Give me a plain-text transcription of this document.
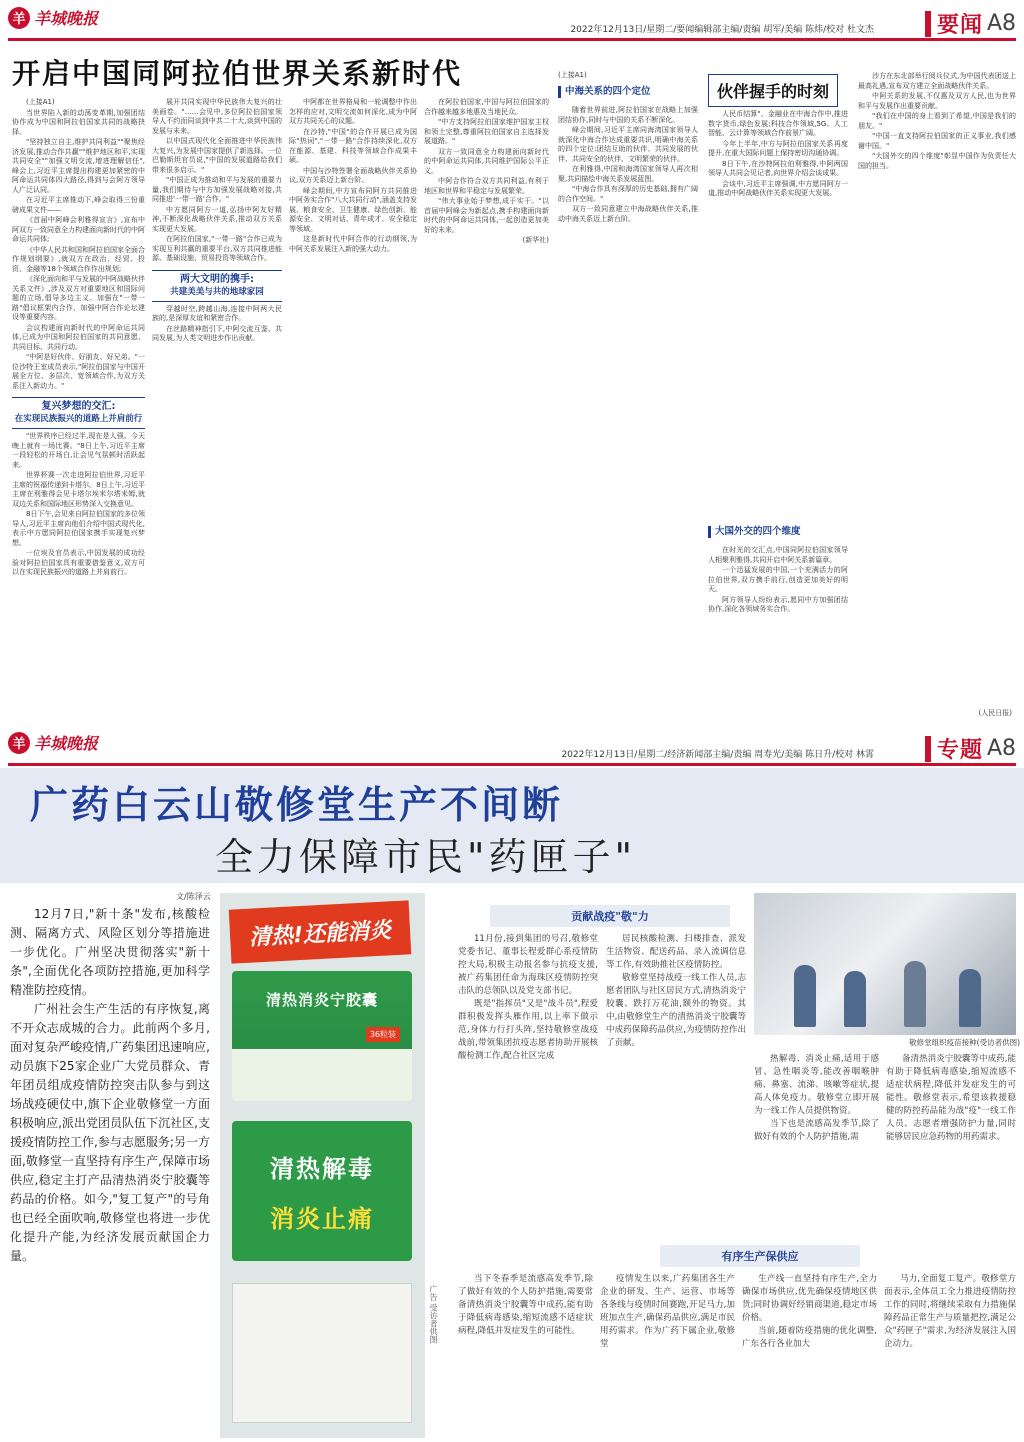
羊 羊城晚报
2022年12月13日/星期二/要闻编辑部主编/责编 胡军/美编 陈炜/校对 杜文杰	要闻 A8
开启中国同阿拉伯世界关系新时代

(上接A1)

当世界陷入新的动荡变革期,加强团结协作成为中国和阿拉伯国家共同的战略抉择。

"坚持独立自主,维护共同利益""聚焦经济发展,推动合作共赢""维护地区和平,实现共同安全""加强文明交流,增进理解信任",峰会上,习近平主席提出构建更加紧密的中阿命运共同体四大路径,得到与会阿方领导人广泛认同。

在习近平主席推动下,峰会取得三份重磅成果文件——

《首届中阿峰会利雅得宣言》,宣布中阿双方一致同意全力构建面向新时代的中阿命运共同体;

《中华人民共和国和阿拉伯国家全面合作规划纲要》,就双方在政治、经贸、投资、金融等18个领域合作作出规划;

《深化面向和平与发展的中阿战略伙伴关系文件》,涉及双方对重要地区和国际问题的立场,倡导多边主义、加强在"一带一路"倡议框架内合作、加强中阿合作论坛建设等重要内容。

会议构建面向新时代的中阿命运共同体,已成为中国和阿拉伯国家的共同意愿、共同目标、共同行动。

"中阿是好伙伴、好朋友、好兄弟。"一位沙特王室成员表示,"阿拉伯国家与中国开展全方位、多层次、宽领域合作,为双方关系注入新动力。"

复兴梦想的交汇:
在实现民族振兴的道路上并肩前行

"世界秩序已经过半,现在是人强。今天晚上就有一场比赛。"8日上午,习近平主席一段轻松的开场白,让会见气氛顿时活跃起来。

世界杯赛一次走进阿拉伯世界,习近平主席的祝福传递到卡塔尔。8日上午,习近平主席在利雅得会见卡塔尔埃米尔塔米姆,就双边关系和国际地区形势深入交换意见。

8日下午,会见来自阿拉伯国家的多位领导人,习近平主席向他们介绍中国式现代化,表示中方愿同阿拉伯国家携手实现复兴梦想。

一位埃及官员表示,中国发展的成功经验对阿拉伯国家具有重要借鉴意义,双方可以在实现民族振兴的道路上并肩前行。

展开共同实现中华民族伟大复兴的壮美画卷。"……会见中,多位阿拉伯国家领导人不约而同谈到中共二十大,谈到中国的发展与未来。

以中国式现代化全面推进中华民族伟大复兴,为发展中国家提供了新选择。一位巴勒斯坦官员说,"中国的发展道路给我们带来很多启示。"

"中国正成为推动和平与发展的重要力量,我们期待与中方加强发展战略对接,共同推进'一带一路'合作。"

中方愿同阿方一道,弘扬中阿友好精神,不断深化战略伙伴关系,推动双方关系实现更大发展。

在阿拉伯国家,"一带一路"合作已成为实现互利共赢的重要平台,双方共同推进能源、基础设施、贸易投资等领域合作。

两大文明的携手:
共建美美与共的地球家园

穿越时空,跨越山海,连接中阿两大民族的,是深厚友谊和紧密合作。

在丝路精神指引下,中阿交流互鉴、共同发展,为人类文明进步作出贡献。

中阿都在世界格局和一轮调整中作出怎样的应对,文明交流如何深化,成为中阿双方共同关心的议题。

在沙特,"中国"的合作开展已成为国际"热词","一带一路"合作持续深化,双方在能源、基建、科技等领域合作成果丰硕。

中国与沙特签署全面战略伙伴关系协议,双方关系迈上新台阶。

峰会期间,中方宣布同阿方共同推进中阿务实合作"八大共同行动",涵盖支持发展、粮食安全、卫生健康、绿色创新、能源安全、文明对话、青年成才、安全稳定等领域。

这是新时代中阿合作的行动纲领,为中阿关系发展注入新的强大动力。

在阿拉伯国家,中国与阿拉伯国家的合作越来越多地惠及当地民众。

"中方支持阿拉伯国家维护国家主权和领土完整,尊重阿拉伯国家自主选择发展道路。"

双方一致同意全力构建面向新时代的中阿命运共同体,共同维护国际公平正义。

中阿合作符合双方共同利益,有利于地区和世界和平稳定与发展繁荣。

"伟大事业始于梦想,成于实干。"以首届中阿峰会为新起点,携手构建面向新时代的中阿命运共同体,一起创造更加美好的未来。

(新华社)
(上接A1)
中海关系的四个定位	伙伴握手的时刻

随着世界前进,阿拉伯国家在战略上加强团结协作,同时与中国的关系不断深化。

峰会期间,习近平主席同海湾国家领导人就深化中海合作达成重要共识,明确中海关系的四个定位:团结互助的伙伴、共同发展的伙伴、共同安全的伙伴、文明繁荣的伙伴。

在利雅得,中国和海湾国家领导人再次相聚,共同描绘中海关系发展蓝图。

"中海合作具有深厚的历史基础,拥有广阔的合作空间。"

双方一致同意建立中海战略伙伴关系,推动中海关系迈上新台阶。

人民币结算"、金融业在中海合作中,推进数字货币,绿色发展;科技合作领域,5G、人工智能、云计算等领域合作前景广阔。

今年上半年,中方与阿拉伯国家关系再度提升,在重大国际问题上保持密切沟通协调。

8日下午,在沙特阿拉伯利雅得,中阿两国领导人共同会见记者,向世界介绍会谈成果。

会谈中,习近平主席强调,中方愿同阿方一道,推动中阿战略伙伴关系实现更大发展。

大国外交的四个维度

在时光的交汇点,中国同阿拉伯国家领导人相聚利雅得,共同开启中阿关系新篇章。

一个迅猛发展的中国,一个充满活力的阿拉伯世界,双方携手前行,创造更加美好的明天。

阿方领导人纷纷表示,愿同中方加强团结协作,深化各领域务实合作。

沙方在东北部举行阅兵仪式,为中国代表团送上最高礼遇,宣布双方建立全面战略伙伴关系。

中阿关系的发展,不仅惠及双方人民,也为世界和平与发展作出重要贡献。

"我们在中国的身上看到了希望,中国是我们的朋友。"

"中国一直支持阿拉伯国家的正义事业,我们感谢中国。"

"大国外交的四个维度"彰显中国作为负责任大国的担当。

(人民日报)
羊 羊城晚报
2022年12月13日/星期二/经济新闻部主编/责编 周寿光/美编 陈日升/校对 林霄	专题 A8
广药白云山敬修堂生产不间断
全力保障市民"药匣子"
文/陈泽云

12月7日,"新十条"发布,核酸检测、隔离方式、风险区划分等措施进一步优化。广州坚决贯彻落实"新十条",全面优化各项防控措施,更加科学精准防控疫情。

广州社会生产生活的有序恢复,离不开众志成城的合力。此前两个多月,面对复杂严峻疫情,广药集团迅速响应,动员旗下25家企业广大党员群众、青年团员组成疫情防控突击队参与到这场战疫硬仗中,旗下企业敬修堂一方面积极响应,派出党团员队伍下沉社区,支援疫情防控工作,参与志愿服务;另一方面,敬修堂一直坚持有序生产,保障市场供应,稳定主打产品清热消炎宁胶囊等药品的价格。如今,"复工复产"的号角也已经全面吹响,敬修堂也将进一步优化提升产能,为经济发展贡献国企力量。

清热!还能消炎
清热消炎宁胶囊
36粒装
清热解毒
消炎止痛
广告 受访者供图
贡献战疫"敬"力

11月份,接到集团的号召,敬修堂党委书记、董事长程爱群心系疫情防控大局,积极主动报名参与抗疫支援,被广药集团任命为海珠区疫情防控突击队的总领队以及党支部书记。

既是"指挥员"又是"战斗员",程爱群积极发挥头雁作用,以上率下做示范,身体力行打头阵,坚持敬修堂战疫战前,带领集团抗疫志愿者协助开展核酸检测工作,配合社区完成

居民核酸检测、扫楼排查、派发生活物资、配送药品、录入流调信息等工作,有效助推社区疫情防控。

敬修堂坚持战疫一线工作人员,志愿者团队与社区居民方式,清热消炎宁胶囊、跌打万花油,额外的物资。其中,由敬修堂生产的清热消炎宁胶囊等中成药保障药品供应,为疫情防控作出了贡献。	敬修堂组织疫苗接种(受访者供图)

热解毒、消炎止痛,适用于感冒、急性咽炎等,能改善咽喉肿痛、鼻塞、流涕、咳嗽等症状,提高人体免疫力。敬修堂立即开展为一线工作人员提供物资。

当下也是流感高发季节,除了做好有效的个人防护措施,需

备清热消炎宁胶囊等中成药,能有助于降低病毒感染,缩短流感不适症状病程,降低并发症发生的可能性。敬修堂表示,希望该救援稳健的防控药品能为战"疫"一线工作人员、志愿者增强防护力量,同时能够居民应急药物的用药需求。

有序生产保供应

当下冬春季是流感高发季节,除了做好有效的个人防护措施,需要常备清热消炎宁胶囊等中成药,能有助于降低病毒感染,缩短流感不适症状病程,降低并发症发生的可能性。

疫情发生以来,广药集团各生产企业的研发、生产、运营、市场等各条线与疫情时间赛跑,开足马力,加班加点生产,确保药品供应,满足市民用药需求。作为广药下属企业,敬修堂

生产线一直坚持有序生产,全力确保市场供应,优先确保疫情地区供货;同时协调好经销商渠道,稳定市场价格。

当前,随着防疫措施的优化调整,广东各行各业加大

马力,全面复工复产。敬修堂方面表示,全体员工全力推进疫情防控工作的同时,将继续采取有力措施保障药品正常生产与质量把控,满足公众"药匣子"需求,为经济发展注入国企动力。
